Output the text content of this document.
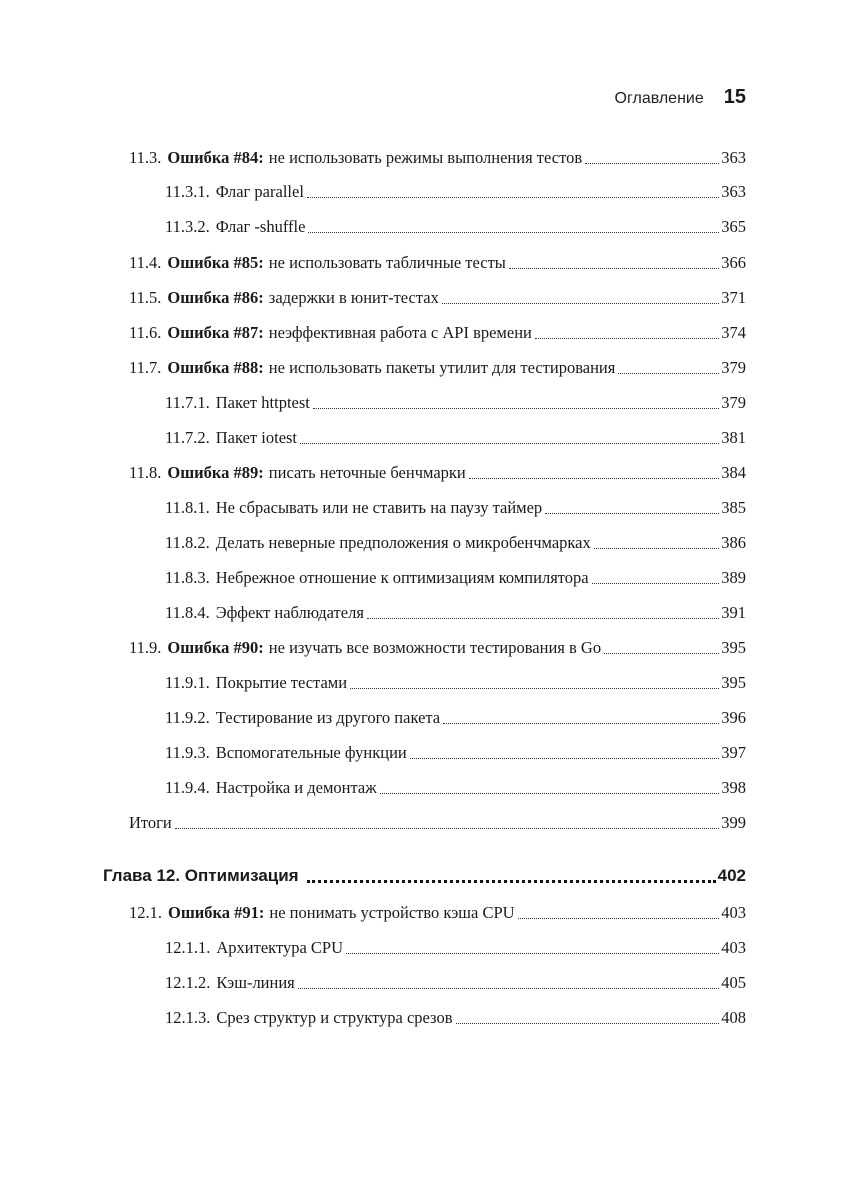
Оглавление 15
11.3. Ошибка #84: не использовать режимы выполнения тестов	363
11.3.1. Флаг parallel	363
11.3.2. Флаг -shuffle	365
11.4. Ошибка #85: не использовать табличные тесты	366
11.5. Ошибка #86: задержки в юнит-тестах	371
11.6. Ошибка #87: неэффективная работа с API времени	374
11.7. Ошибка #88: не использовать пакеты утилит для тестирования	379
11.7.1. Пакет httptest	379
11.7.2. Пакет iotest	381
11.8. Ошибка #89: писать неточные бенчмарки	384
11.8.1. Не сбрасывать или не ставить на паузу таймер	385
11.8.2. Делать неверные предположения о микробенчмарках	386
11.8.3. Небрежное отношение к оптимизациям компилятора	389
11.8.4. Эффект наблюдателя	391
11.9. Ошибка #90: не изучать все возможности тестирования в Go	395
11.9.1. Покрытие тестами	395
11.9.2. Тестирование из другого пакета	396
11.9.3. Вспомогательные функции	397
11.9.4. Настройка и демонтаж	398
Итоги	399
Глава 12. Оптимизация	402
12.1. Ошибка #91: не понимать устройство кэша CPU	403
12.1.1. Архитектура CPU	403
12.1.2. Кэш-линия	405
12.1.3. Срез структур и структура срезов	408
